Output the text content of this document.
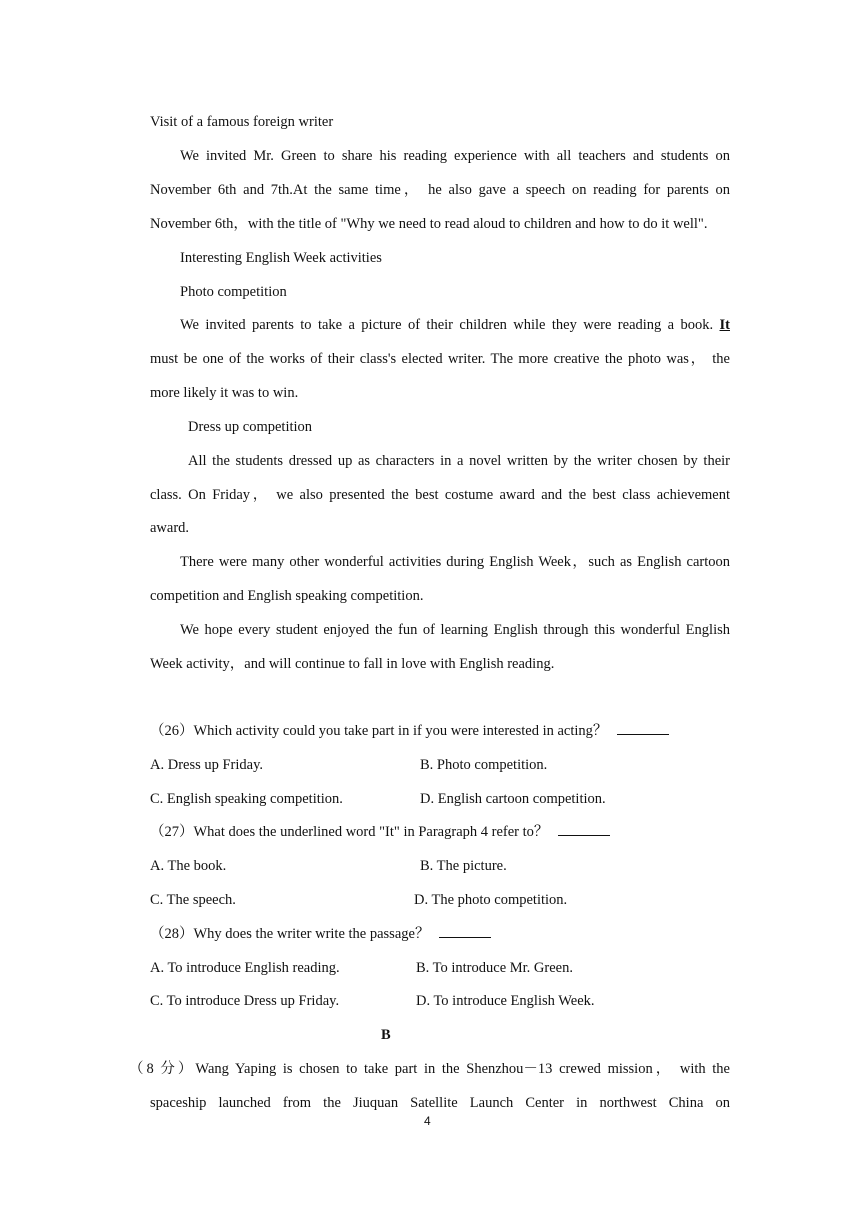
Visit of a famous foreign writer
We invited Mr. Green to share his reading experience with all teachers and students on
November 6th and 7th.At the same time， he also gave a speech on reading for parents on
November 6th，with the title of "Why we need to read aloud to children and how to do it well".
Interesting English Week activities
Photo competition
We invited parents to take a picture of their children while they were reading a book. It
must be one of the works of their class's elected writer. The more creative the photo was， the
more likely it was to win.
Dress up competition
All the students dressed up as characters in a novel written by the writer chosen by their
class. On Friday， we also presented the best costume award and the best class achievement
award.
There were many other wonderful activities during English Week，such as English cartoon
competition and English speaking competition.
We hope every student enjoyed the fun of learning English through this wonderful English
Week activity，and will continue to fall in love with English reading.
（26）Which activity could you take part in if you were interested in acting？
A. Dress up Friday.	B. Photo competition.
C. English speaking competition.	D. English cartoon competition.
（27）What does the underlined word "It" in Paragraph 4 refer to？
A. The book.	B. The picture.
C. The speech.	D. The photo competition.
（28）Why does the writer write the passage？
A. To introduce English reading.	B. To introduce Mr. Green.
C. To introduce Dress up Friday.	D. To introduce English Week.
B
（8 分）Wang Yaping is chosen to take part in the Shenzhou－13 crewed mission， with the
spaceship launched from the Jiuquan Satellite Launch Center in northwest China on
4
